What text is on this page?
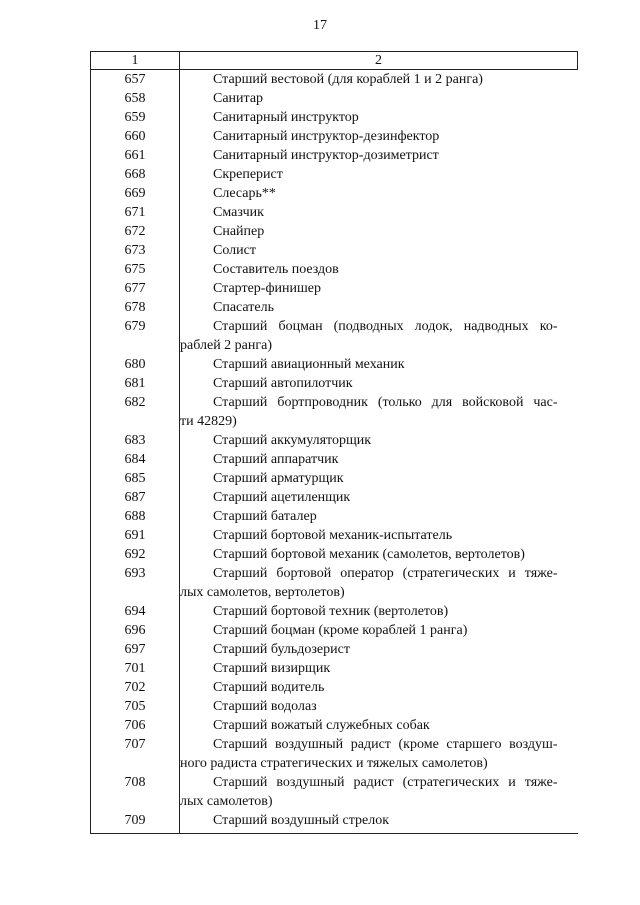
17
1	2
657	Старший вестовой (для кораблей 1 и 2 ранга)
658	Санитар
659	Санитарный инструктор
660	Санитарный инструктор-дезинфектор
661	Санитарный инструктор-дозиметрист
668	Скреперист
669	Слесарь**
671	Смазчик
672	Снайпер
673	Солист
675	Составитель поездов
677	Стартер-финишер
678	Спасатель
679	Старший боцман (подводных лодок, надводных ко-
раблей 2 ранга)

680	Старший авиационный механик
681	Старший автопилотчик
682	Старший бортпроводник (только для войсковой час-
ти 42829)

683	Старший аккумуляторщик
684	Старший аппаратчик
685	Старший арматурщик
687	Старший ацетиленщик
688	Старший баталер
691	Старший бортовой механик-испытатель
692	Старший бортовой механик (самолетов, вертолетов)
693	Старший бортовой оператор (стратегических и тяже-
лых самолетов, вертолетов)

694	Старший бортовой техник (вертолетов)
696	Старший боцман (кроме кораблей 1 ранга)
697	Старший бульдозерист
701	Старший визирщик
702	Старший водитель
705	Старший водолаз
706	Старший вожатый служебных собак
707	Старший воздушный радист (кроме старшего воздуш-
ного радиста стратегических и тяжелых самолетов)

708	Старший воздушный радист (стратегических и тяже-
лых самолетов)

709	Старший воздушный стрелок
